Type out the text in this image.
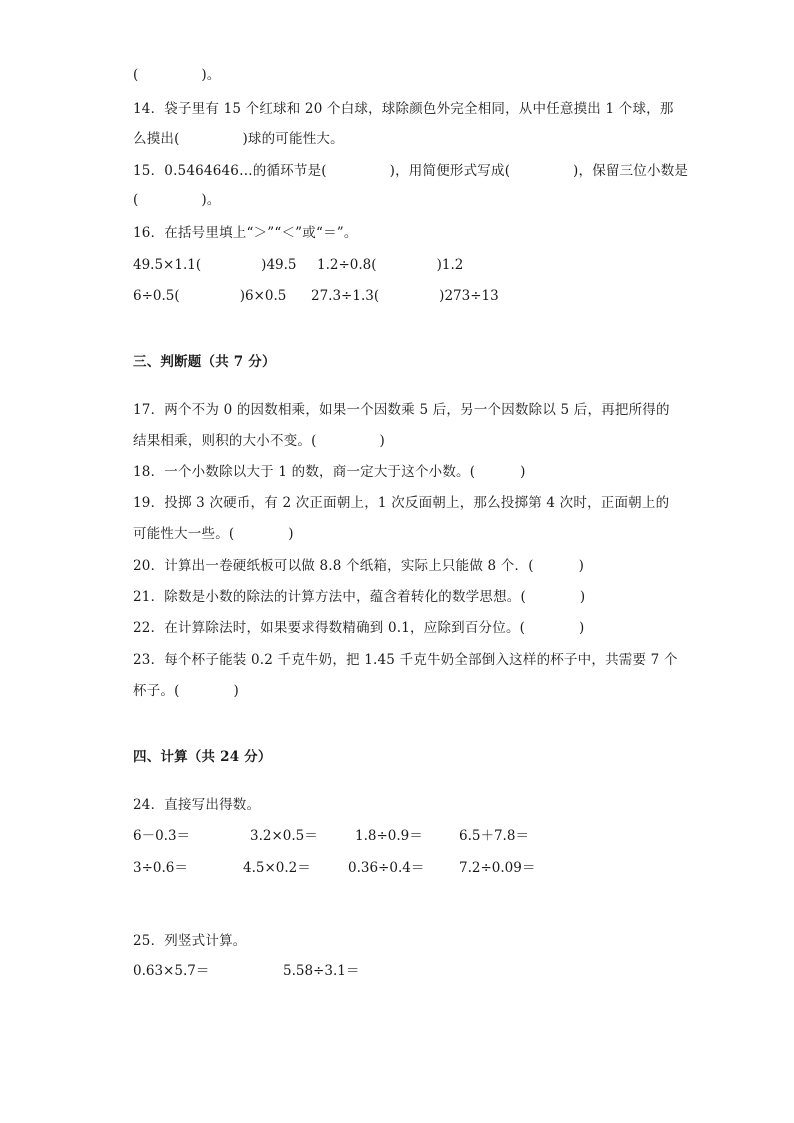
(              )。
14．袋子里有 15 个红球和 20 个白球，球除颜色外完全相同，从中任意摸出 1 个球，那
么摸出(              )球的可能性大。
15．0.5464646…的循环节是(              )，用简便形式写成(              )，保留三位小数是
(              )。
16．在括号里填上“＞”“＜”或“＝”。
49.5×1.1(              )49.5 1.2÷0.8(              )1.2
6÷0.5(              )6×0.5 27.3÷1.3(              )273÷13
三、判断题（共 7 分）
17．两个不为 0 的因数相乘，如果一个因数乘 5 后，另一个因数除以 5 后，再把所得的
结果相乘，则积的大小不变。(              )
18．一个小数除以大于 1 的数，商一定大于这个小数。(          )
19．投掷 3 次硬币，有 2 次正面朝上，1 次反面朝上，那么投掷第 4 次时，正面朝上的
可能性大一些。(            )
20．计算出一卷硬纸板可以做 8.8 个纸箱，实际上只能做 8 个．(          )
21．除数是小数的除法的计算方法中，蕴含着转化的数学思想。(            )
22．在计算除法时，如果要求得数精确到 0.1，应除到百分位。(            )
23．每个杯子能装 0.2 千克牛奶，把 1.45 千克牛奶全部倒入这样的杯子中，共需要 7 个
杯子。(            )
四、计算（共 24 分）
24．直接写出得数。
6－0.3＝	3.2×0.5＝	1.8÷0.9＝	6.5＋7.8＝
3÷0.6＝	4.5×0.2＝	0.36÷0.4＝	7.2÷0.09＝
25．列竖式计算。
0.63×5.7＝	5.58÷3.1＝
